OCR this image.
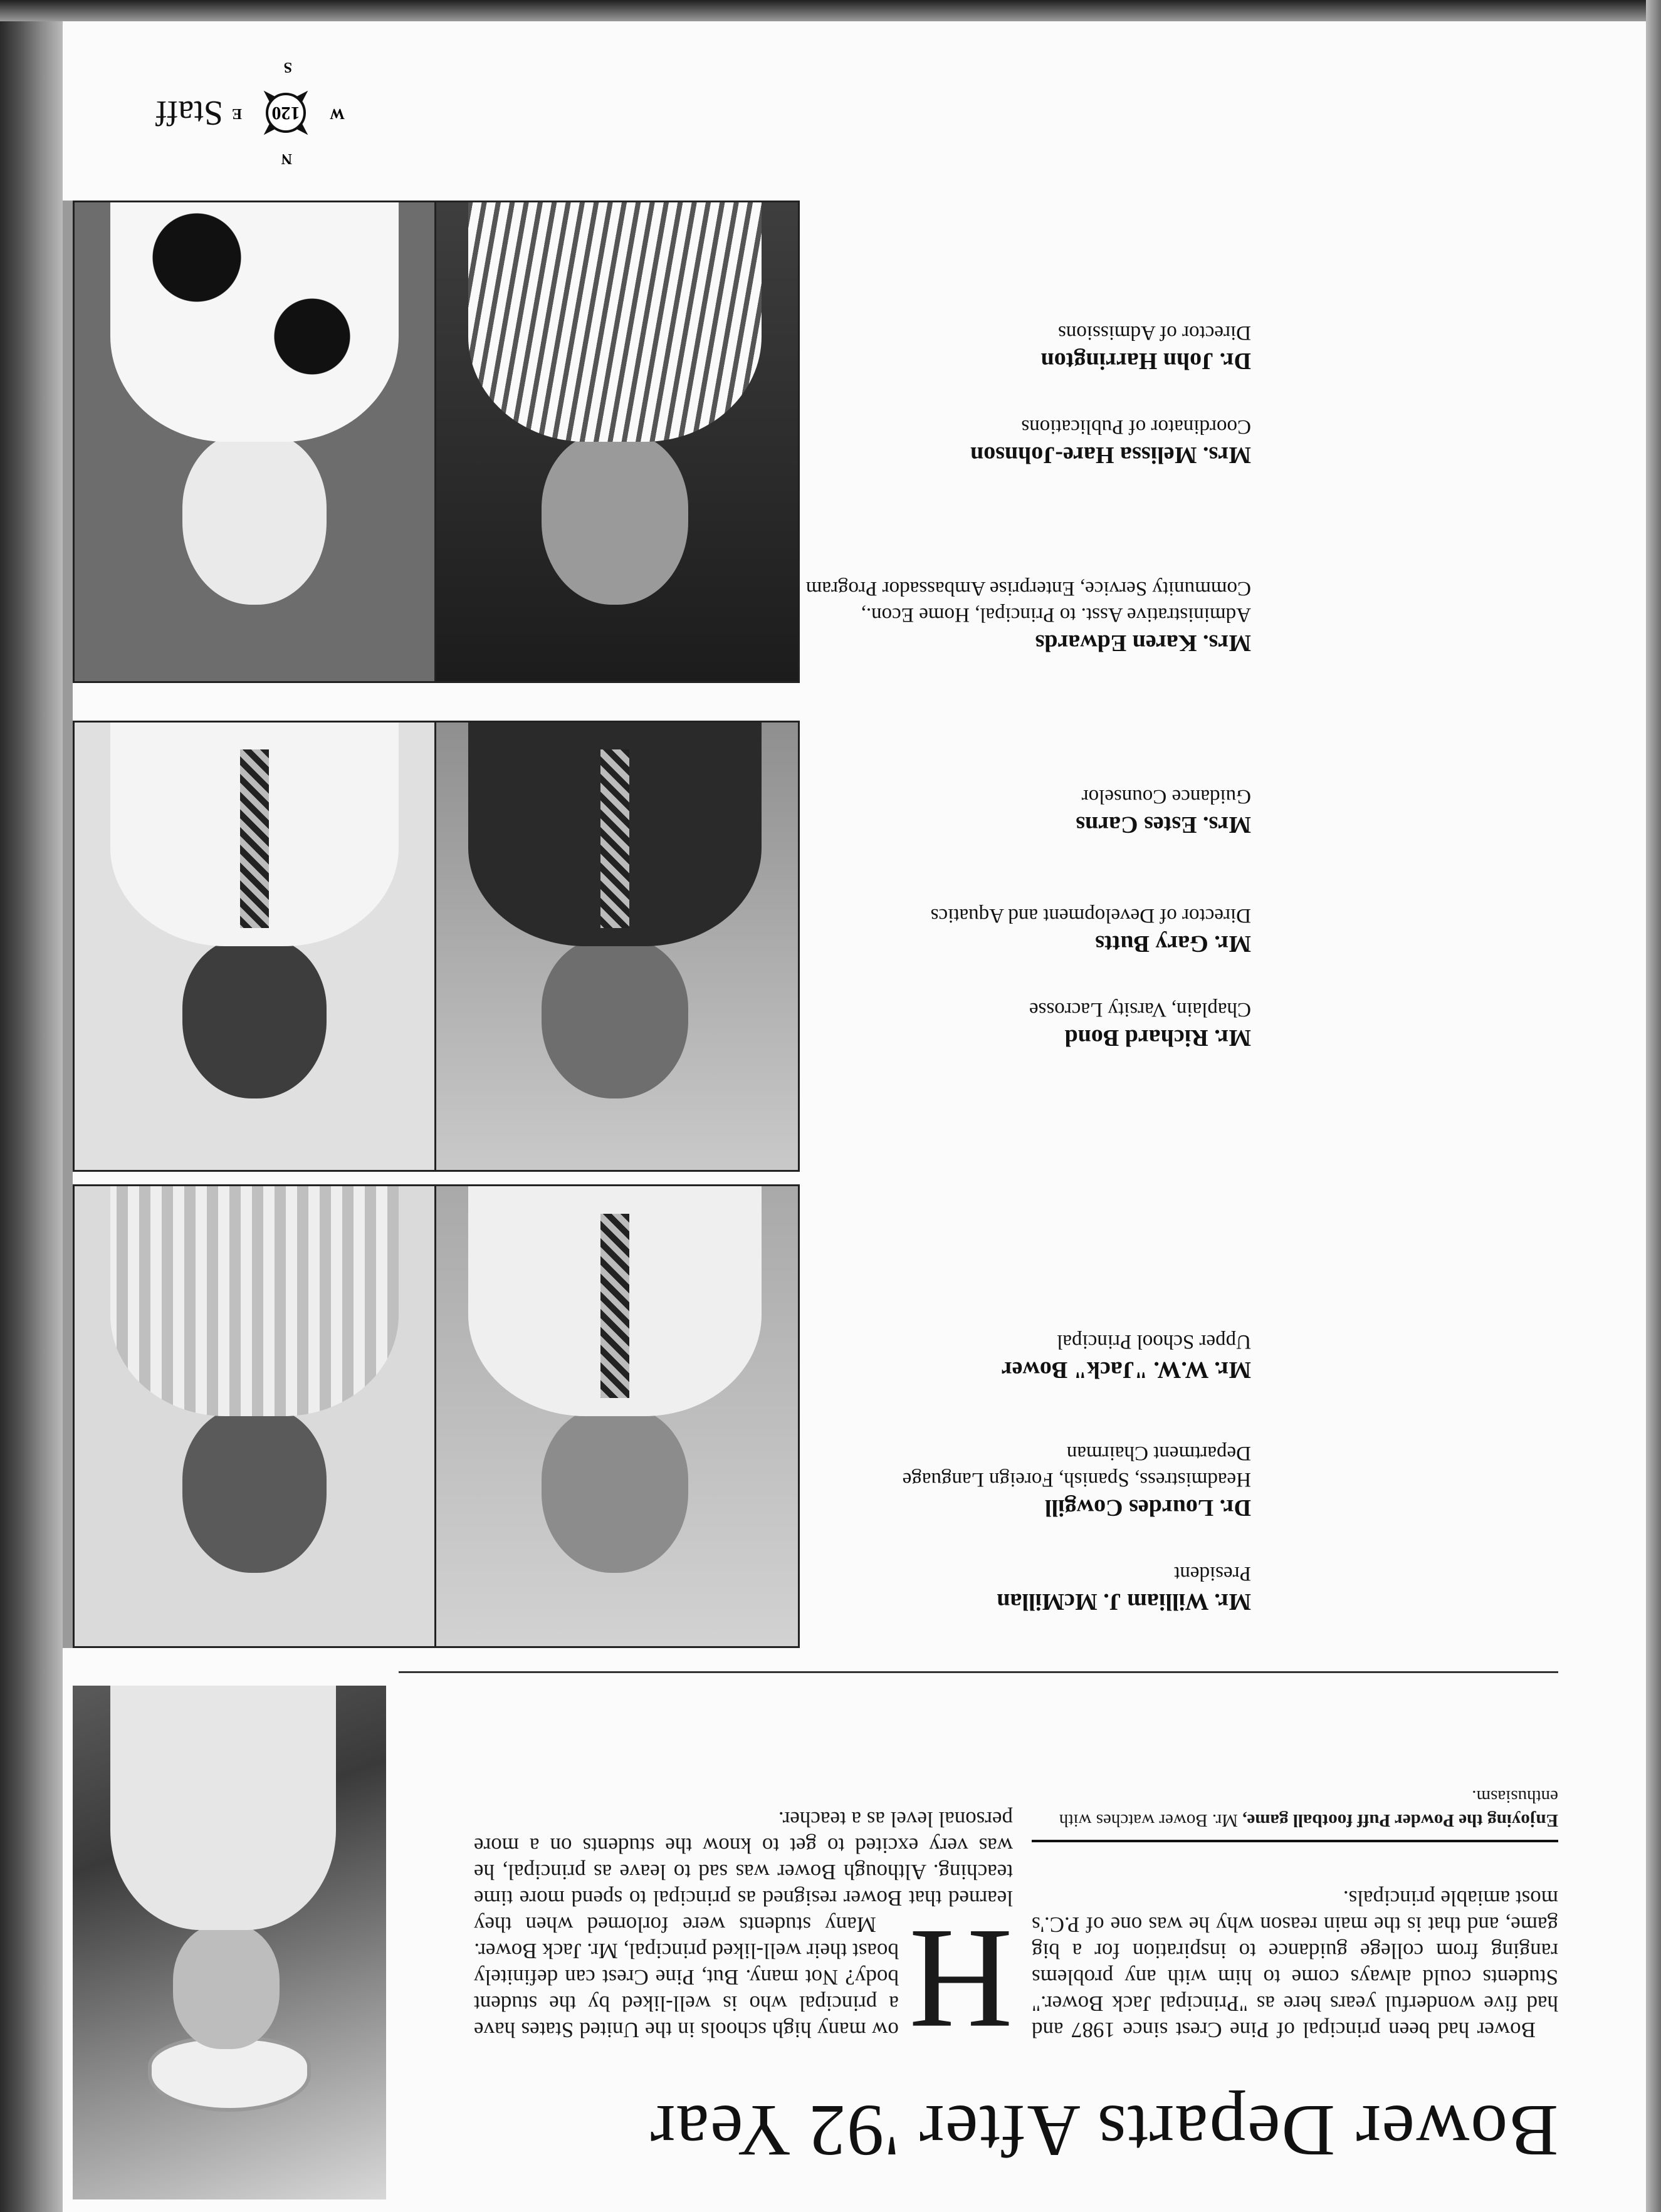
Bower Departs After '92 Year
H

ow many high schools in the United States have a principal who is well-liked by the student body? Not many. But, Pine Crest can definitely boast their well-liked principal, Mr. Jack Bower.

Many students were forlorned when they learned that Bower resigned as principal to spend more time teaching. Although Bower was sad to leave as principal, he was very excited to get to know the students on a more personal level as a teacher.

Bower had been principal of Pine Crest since 1987 and had five wonderful years here as "Principal Jack Bower." Students could always come to him with any problems ranging from college guidance to inspiration for a big game, and that is the main reason why he was one of P.C.'s most amiable principals.

Enjoying the Powder Puff football game, Mr. Bower watches with enthusiasm.
Mr. William J. McMillan
President
Dr. Lourdes Cowgill
Headmistress, Spanish, Foreign Language Department Chairman
Mr. W.W. "Jack" Bower
Upper School Principal
Mr. Richard Bond
Chaplain, Varsity Lacrosse
Mr. Gary Butts
Director of Development and Aquatics
Mrs. Estes Carns
Guidance Counselor
Mrs. Karen Edwards
Administrative Asst. to Principal, Home Econ., Community Service, Enterprise Ambassador Program
Mrs. Melissa Hare-Johnson
Coordinator of Publications
Dr. John Harrington
Director of Admissions
120
N
S
W
E
Staff
